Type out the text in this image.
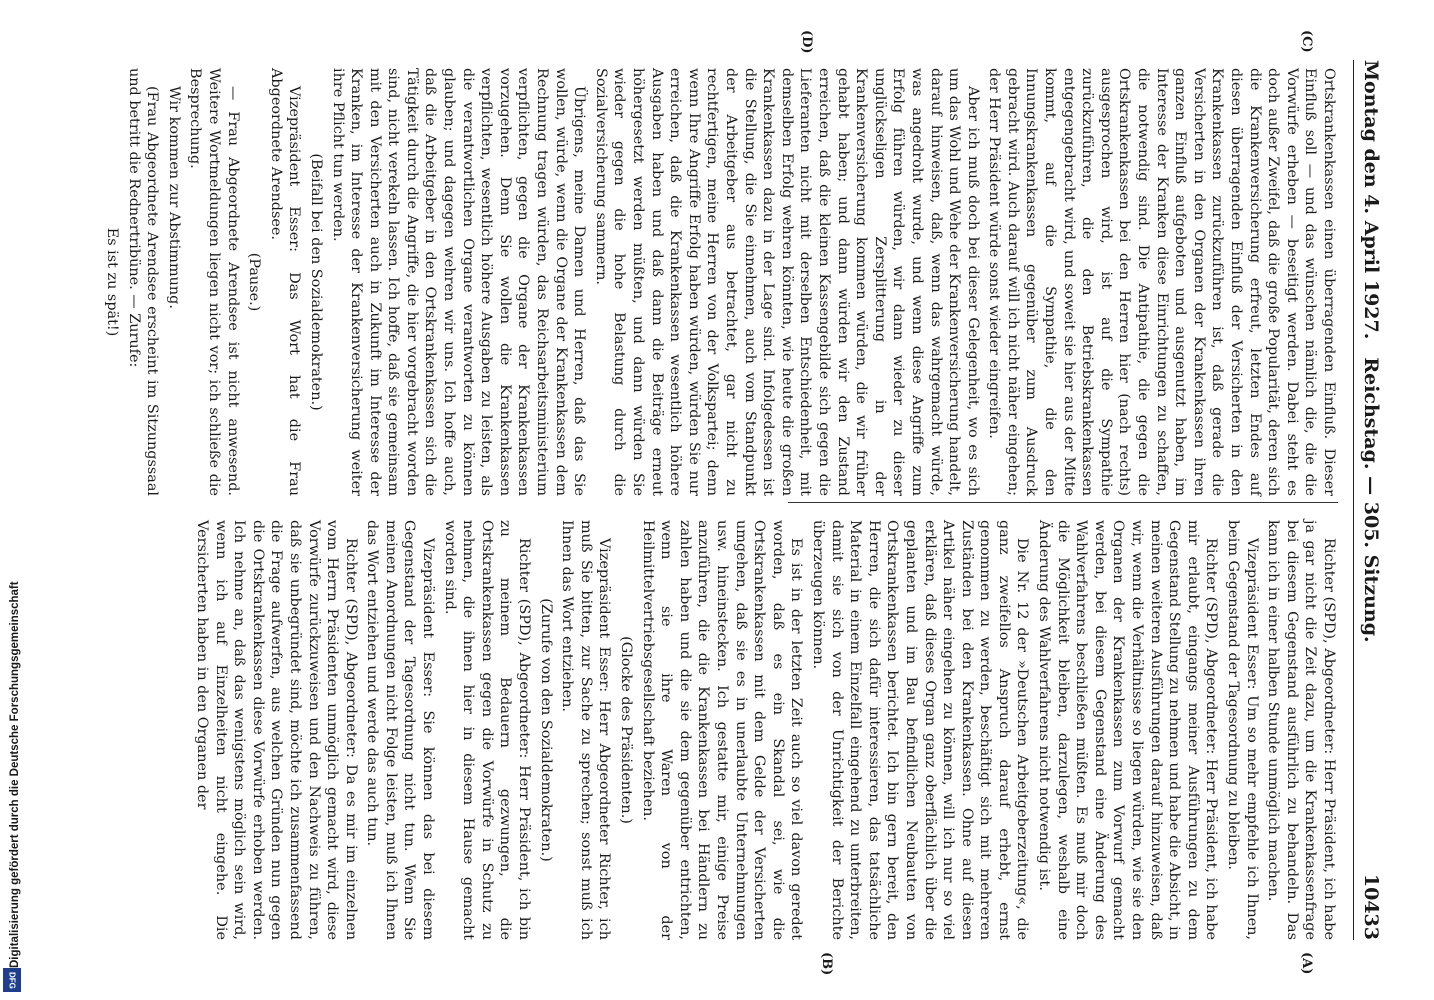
Montag den 4. April 1927.
Reichstag. — 305. Sitzung.
10433
(C)
(D)
(A)
(B)

Ortskrankenkassen einen überragenden Einfluß. Dieser Einfluß soll — und das wünschen nämlich die, die die Vorwürfe erheben — beseitigt werden. Dabei steht es doch außer Zweifel, daß die große Popularität, deren sich die Krankenversicherung erfreut, letzten Endes auf diesen überragenden Einfluß der Versicherten in den Krankenkassen zurückzuführen ist, daß gerade die Versicherten in den Organen der Krankenkassen ihren ganzen Einfluß aufgeboten und ausgenutzt haben, im Interesse der Kranken diese Einrichtungen zu schaffen, die notwendig sind. Die Antipathie, die gegen die Ortskrankenkassen bei den Herren hier (nach rechts) ausgesprochen wird, ist auf die Sympathie zurückzuführen, die den Betriebskrankenkassen entgegengebracht wird, und soweit sie hier aus der Mitte kommt, auf die Sympathie, die den Innungskrankenkassen gegenüber zum Ausdruck gebracht wird. Auch darauf will ich nicht näher eingehen; der Herr Präsident würde sonst wieder eingreifen.

Aber ich muß doch bei dieser Gelegenheit, wo es sich um das Wohl und Wehe der Krankenversicherung handelt, darauf hinweisen, daß, wenn das wahrgemacht würde, was angedroht wurde, und wenn diese Angriffe zum Erfolg führen würden, wir dann wieder zu dieser unglückseligen Zersplitterung in der Krankenversicherung kommen würden, die wir früher gehabt haben; und dann würden wir den Zustand erreichen, daß die kleinen Kassengebilde sich gegen die Lieferanten nicht mit derselben Entschiedenheit, mit demselben Erfolg wehren könnten, wie heute die großen Krankenkassen dazu in der Lage sind. Infolgedessen ist die Stellung, die Sie einnehmen, auch vom Standpunkt der Arbeitgeber aus betrachtet, gar nicht zu rechtfertigen, meine Herren von der Volkspartei; denn wenn Ihre Angriffe Erfolg haben würden, würden Sie nur erreichen, daß die Krankenkassen wesentlich höhere Ausgaben haben und daß dann die Beiträge erneut höhergesetzt werden müßten, und dann würden Sie wieder gegen die hohe Belastung durch die Sozialversicherung sammern.

Übrigens, meine Damen und Herren, daß das Sie wollen, würde, wenn die Organe der Krankenkassen dem Rechnung tragen würden, das Reichsarbeitsministerium verpflichten, gegen die Organe der Krankenkassen vorzugehen. Denn Sie wollen die Krankenkassen verpflichten, wesentlich höhere Ausgaben zu leisten, als die verantwortlichen Organe verantworten zu können glauben; und dagegen wehren wir uns. Ich hoffe auch, daß die Arbeitgeber in den Ortskrankenkassen sich die Tätigkeit durch die Angriffe, die hier vorgebracht worden sind, nicht verekeln lassen. Ich hoffe, daß sie gemeinsam mit den Versicherten auch in Zukunft im Interesse der Kranken, im Interesse der Krankenversicherung weiter ihre Pflicht tun werden.

(Beifall bei den Sozialdemokraten.)

Vizepräsident Esser: Das Wort hat die Frau Abgeordnete Arendsee.

(Pause.)

— Frau Abgeordnete Arendsee ist nicht anwesend. Weitere Wortmeldungen liegen nicht vor; ich schließe die Besprechung.

Wir kommen zur Abstimmung.

(Frau Abgeordnete Arendsee erscheint im Sitzungssaal und betritt die Rednertribüne. — Zurufe:

Es ist zu spät!)

Richter (SPD), Abgeordneter: Herr Präsident, ich habe ja gar nicht die Zeit dazu, um die Krankenkassenfrage bei diesem Gegenstand ausführlich zu behandeln. Das kann ich in einer halben Stunde unmöglich machen.

Vizepräsident Esser: Um so mehr empfehle ich Ihnen, beim Gegenstand der Tagesordnung zu bleiben.

Richter (SPD), Abgeordneter: Herr Präsident, ich habe mir erlaubt, eingangs meiner Ausführungen zu dem Gegenstand Stellung zu nehmen und habe die Absicht, in meinen weiteren Ausführungen darauf hinzuweisen, daß wir, wenn die Verhältnisse so liegen würden, wie sie den Organen der Krankenkassen zum Vorwurf gemacht werden, bei diesem Gegenstand eine Änderung des Wahlverfahrens beschließen müßten. Es muß mir doch die Möglichkeit bleiben, darzulegen, weshalb eine Änderung des Wahlverfahrens nicht notwendig ist.

Die Nr. 12 der »Deutschen Arbeitgeberzeitung«, die ganz zweifellos Anspruch darauf erhebt, ernst genommen zu werden, beschäftigt sich mit mehreren Zuständen bei den Krankenkassen. Ohne auf diesen Artikel näher eingehen zu können, will ich nur so viel erklären, daß dieses Organ ganz oberflächlich über die geplanten und im Bau befindlichen Neubauten von Ortskrankenkassen berichtet. Ich bin gern bereit, den Herren, die sich dafür interessieren, das tatsächliche Material in einem Einzelfall eingehend zu unterbreiten, damit sie sich von der Unrichtigkeit der Berichte überzeugen können.

Es ist in der letzten Zeit auch so viel davon geredet worden, daß es ein Skandal sei, wie die Ortskrankenkassen mit dem Gelde der Versicherten umgehen, daß sie es in unerlaubte Unternehmungen usw. hineinstecken. Ich gestatte mir, einige Preise anzuführen, die die Krankenkassen bei Händlern zu zahlen haben und die sie dem gegenüber entrichten, wenn sie ihre Waren von der Heilmittelvertriebsgesellschaft beziehen.

(Glocke des Präsidenten.)

Vizepräsident Esser: Herr Abgeordneter Richter, ich muß Sie bitten, zur Sache zu sprechen; sonst muß ich Ihnen das Wort entziehen.

(Zurufe von den Sozialdemokraten.)

Richter (SPD), Abgeordneter: Herr Präsident, ich bin zu meinem Bedauern gezwungen, die Ortskrankenkassen gegen die Vorwürfe in Schutz zu nehmen, die ihnen hier in diesem Hause gemacht worden sind.

Vizepräsident Esser: Sie können das bei diesem Gegenstand der Tagesordnung nicht tun. Wenn Sie meinen Anordnungen nicht Folge leisten, muß ich Ihnen das Wort entziehen und werde das auch tun.

Richter (SPD), Abgeordneter: Da es mir im einzelnen vom Herrn Präsidenten unmöglich gemacht wird, diese Vorwürfe zurückzuweisen und den Nachweis zu führen, daß sie unbegründet sind, möchte ich zusammenfassend die Frage aufwerfen, aus welchen Gründen nun gegen die Ortskrankenkassen diese Vorwürfe erhoben werden. Ich nehme an, daß das wenigstens möglich sein wird, wenn ich auf Einzelheiten nicht eingehe. Die Versicherten haben in den Organen der

Digitalisierung gefördert durch die Deutsche Forschungsgemeinschaft
DFG
